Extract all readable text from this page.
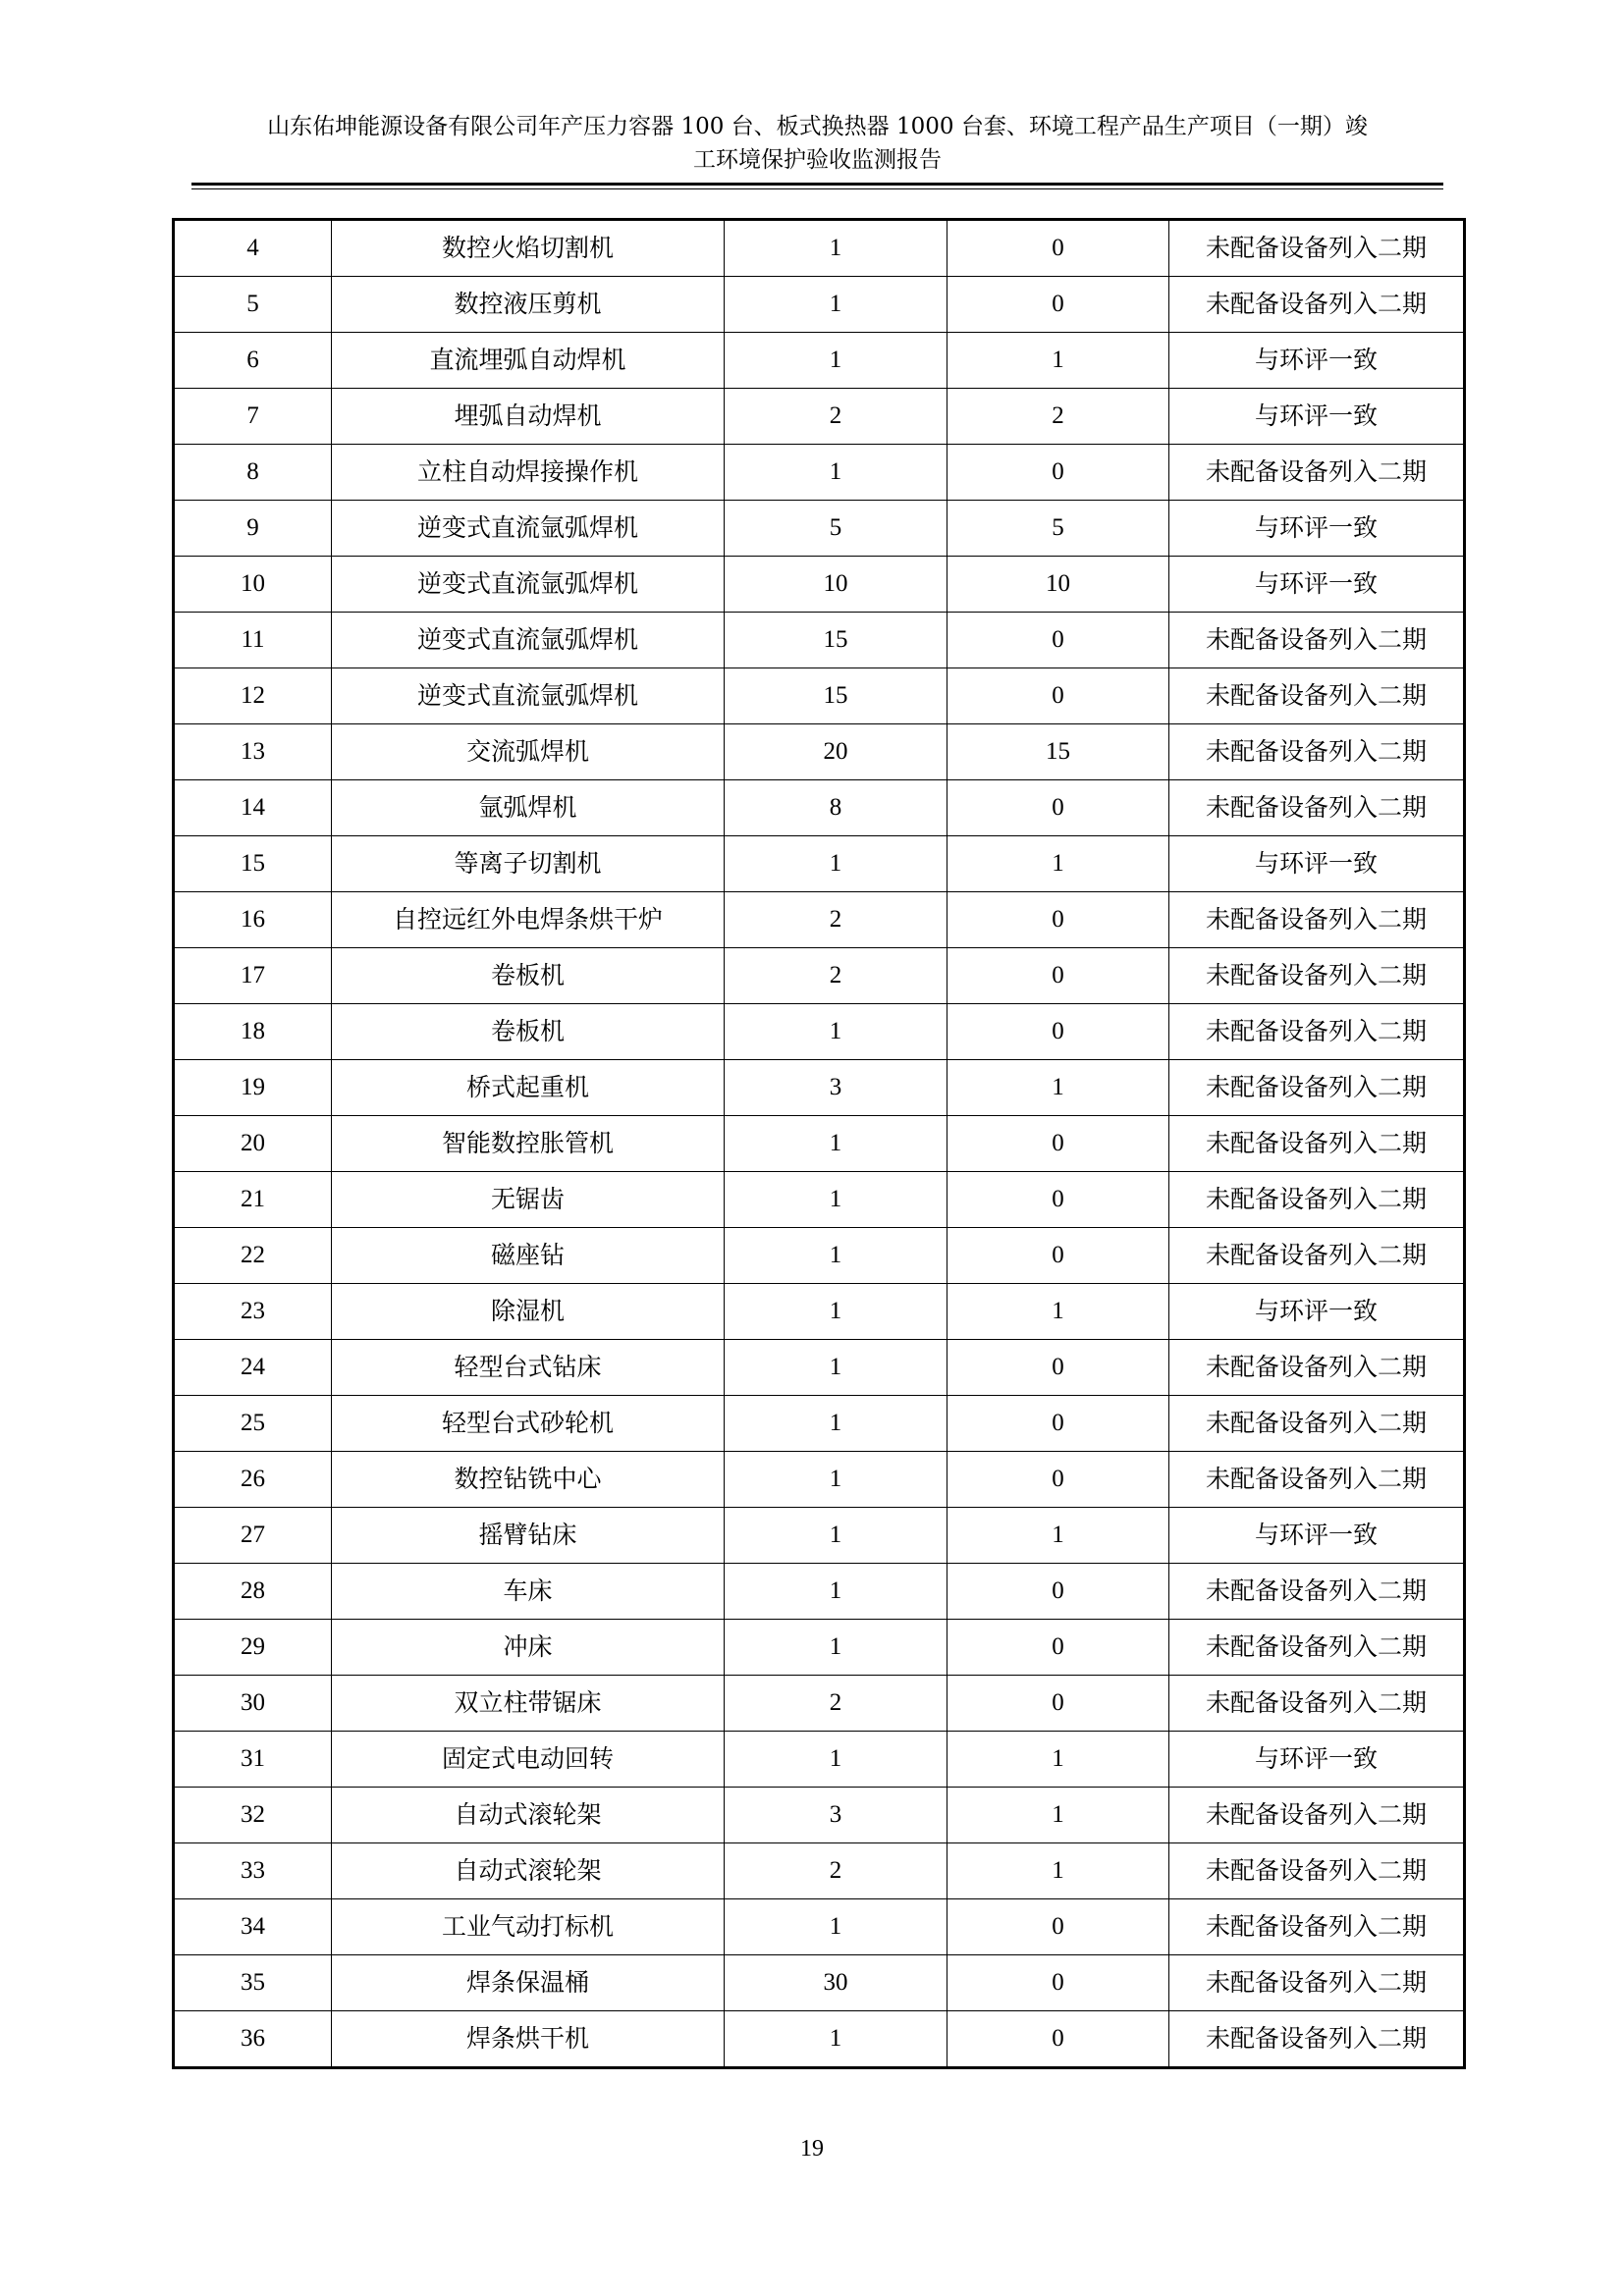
山东佑坤能源设备有限公司年产压力容器 100 台、板式换热器 1000 台套、环境工程产品生产项目（一期）竣
工环境保护验收监测报告
4	数控火焰切割机	1	0	未配备设备列入二期
5	数控液压剪机	1	0	未配备设备列入二期
6	直流埋弧自动焊机	1	1	与环评一致
7	埋弧自动焊机	2	2	与环评一致
8	立柱自动焊接操作机	1	0	未配备设备列入二期
9	逆变式直流氩弧焊机	5	5	与环评一致
10	逆变式直流氩弧焊机	10	10	与环评一致
11	逆变式直流氩弧焊机	15	0	未配备设备列入二期
12	逆变式直流氩弧焊机	15	0	未配备设备列入二期
13	交流弧焊机	20	15	未配备设备列入二期
14	氩弧焊机	8	0	未配备设备列入二期
15	等离子切割机	1	1	与环评一致
16	自控远红外电焊条烘干炉	2	0	未配备设备列入二期
17	卷板机	2	0	未配备设备列入二期
18	卷板机	1	0	未配备设备列入二期
19	桥式起重机	3	1	未配备设备列入二期
20	智能数控胀管机	1	0	未配备设备列入二期
21	无锯齿	1	0	未配备设备列入二期
22	磁座钻	1	0	未配备设备列入二期
23	除湿机	1	1	与环评一致
24	轻型台式钻床	1	0	未配备设备列入二期
25	轻型台式砂轮机	1	0	未配备设备列入二期
26	数控钻铣中心	1	0	未配备设备列入二期
27	摇臂钻床	1	1	与环评一致
28	车床	1	0	未配备设备列入二期
29	冲床	1	0	未配备设备列入二期
30	双立柱带锯床	2	0	未配备设备列入二期
31	固定式电动回转	1	1	与环评一致
32	自动式滚轮架	3	1	未配备设备列入二期
33	自动式滚轮架	2	1	未配备设备列入二期
34	工业气动打标机	1	0	未配备设备列入二期
35	焊条保温桶	30	0	未配备设备列入二期
36	焊条烘干机	1	0	未配备设备列入二期
19
